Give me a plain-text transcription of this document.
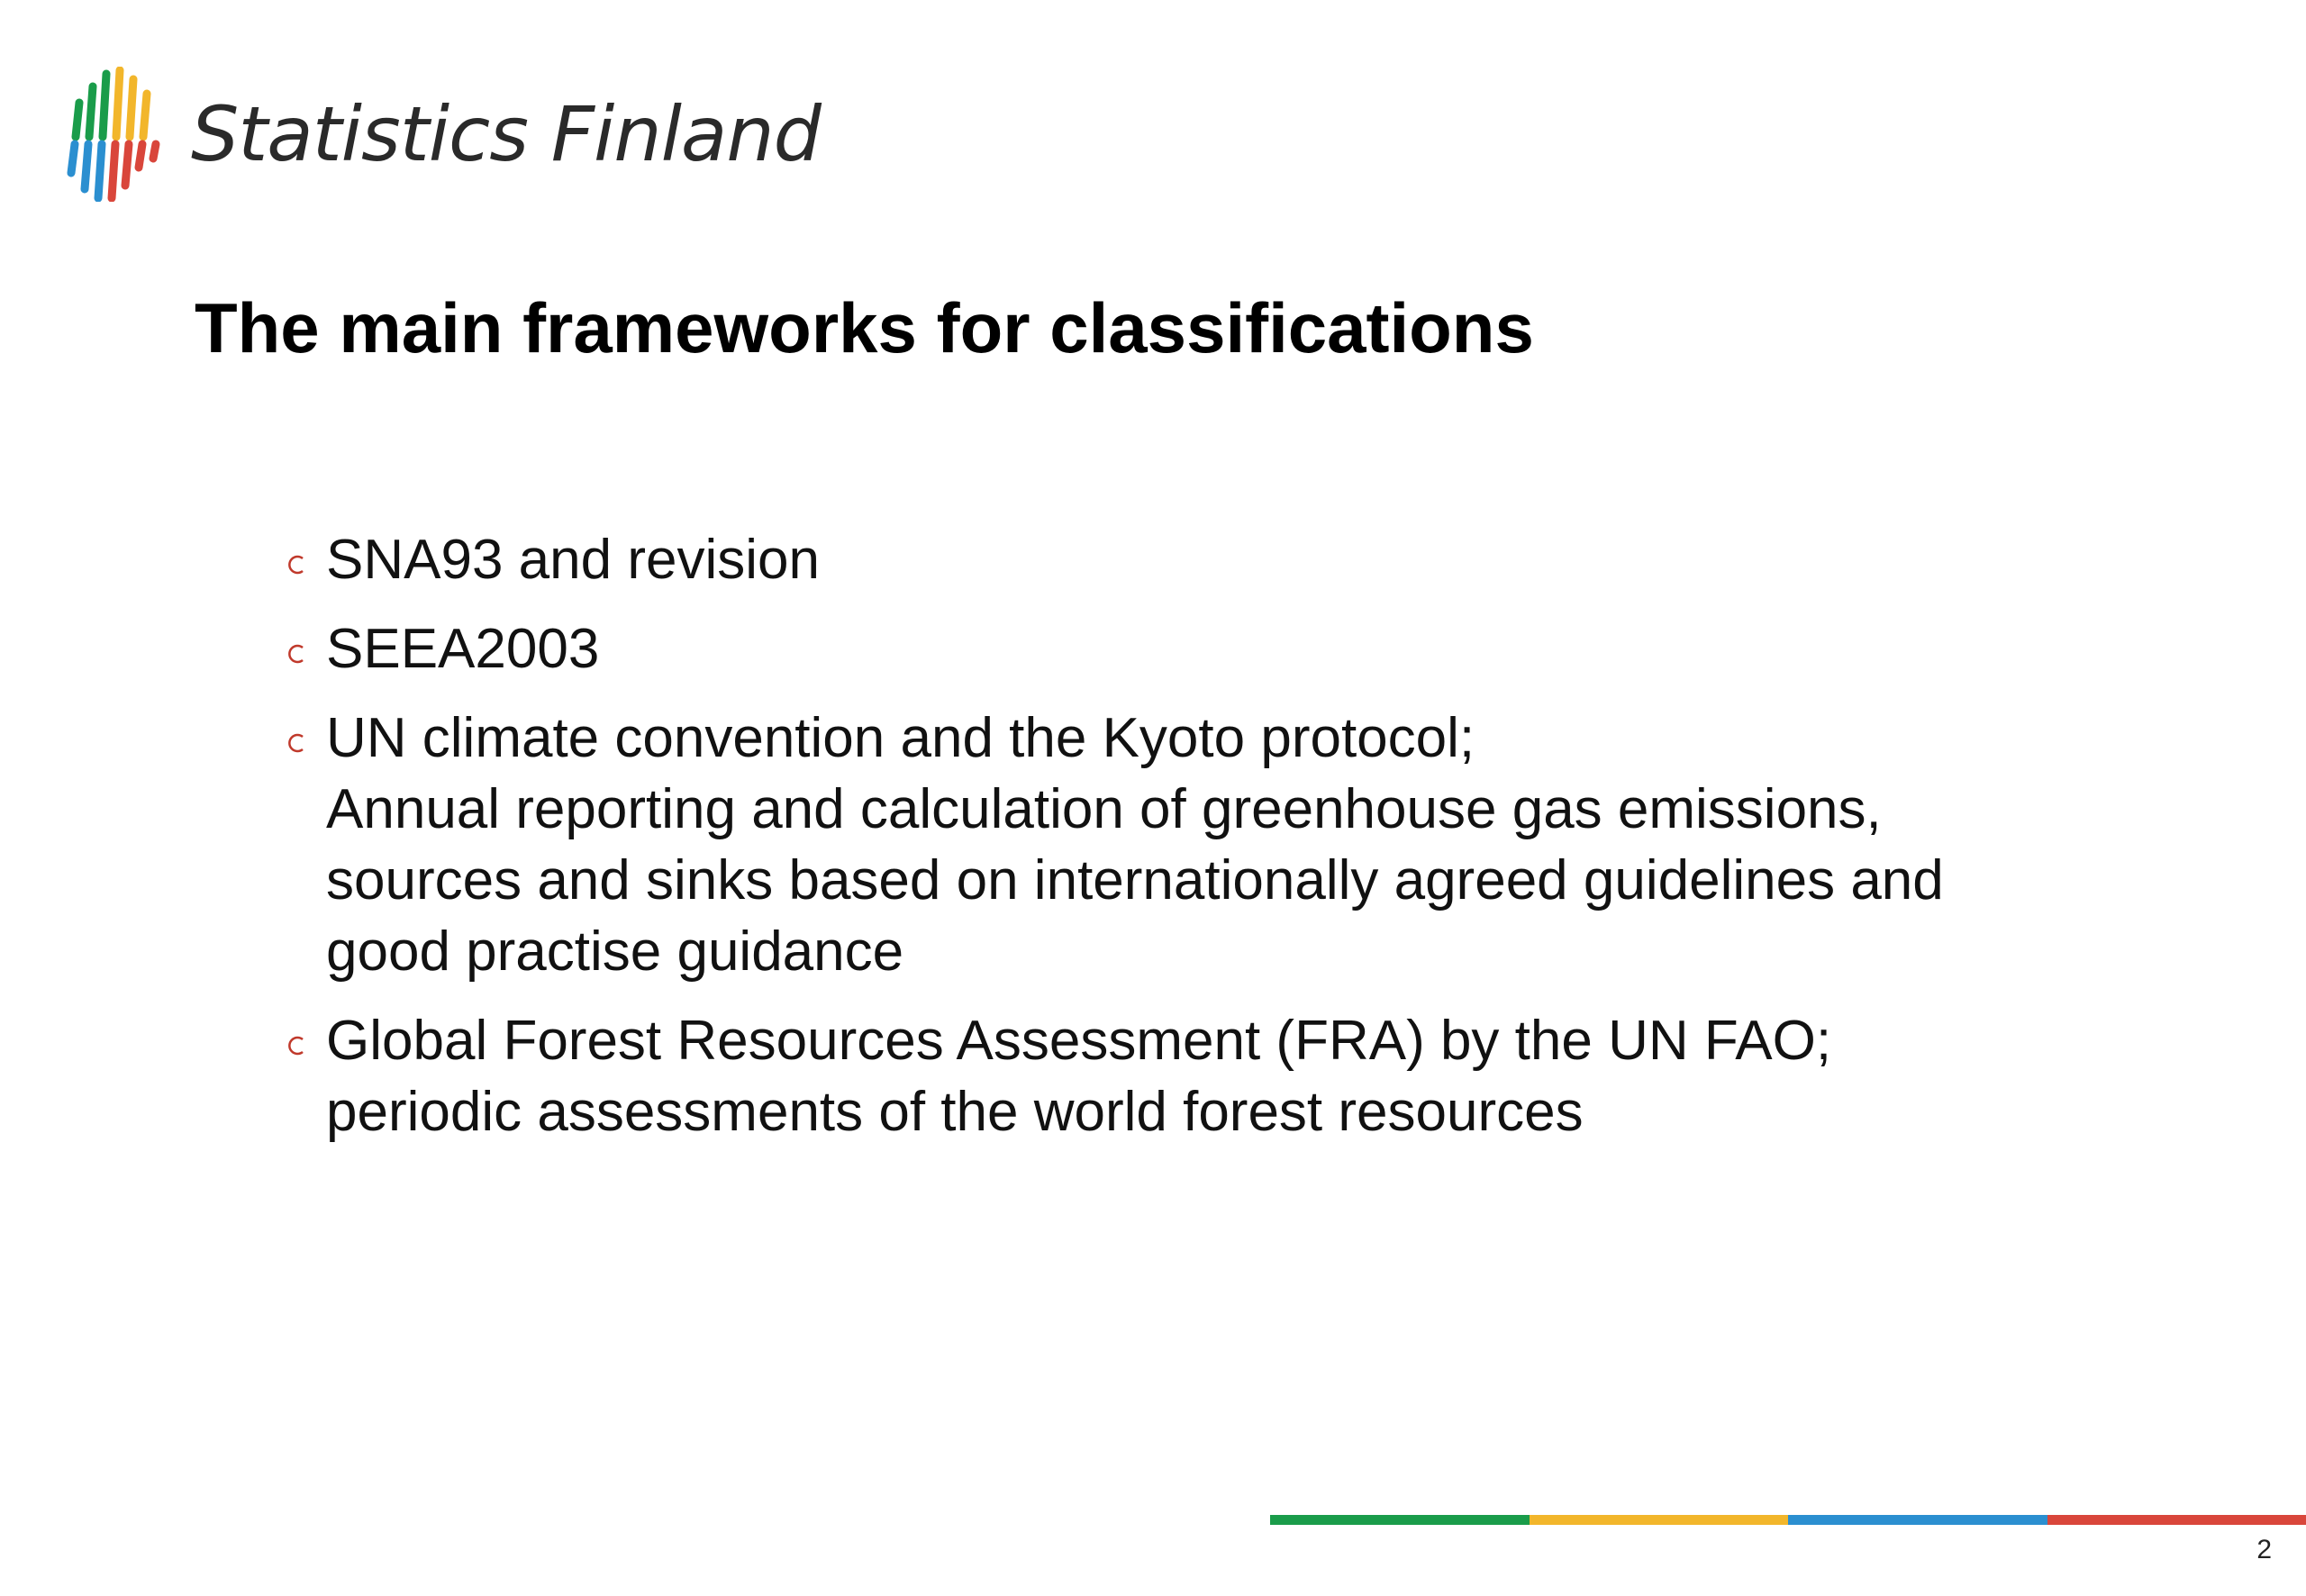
Statistics Finland
The main frameworks for classifications
SNA93 and revision
SEEA2003
UN climate convention and the Kyoto protocol;
Annual reporting and calculation of greenhouse gas emissions,
sources and sinks based on internationally agreed guidelines and
good practise guidance
Global Forest Resources Assessment (FRA) by the UN FAO;
periodic assessments of the world forest resources
2
